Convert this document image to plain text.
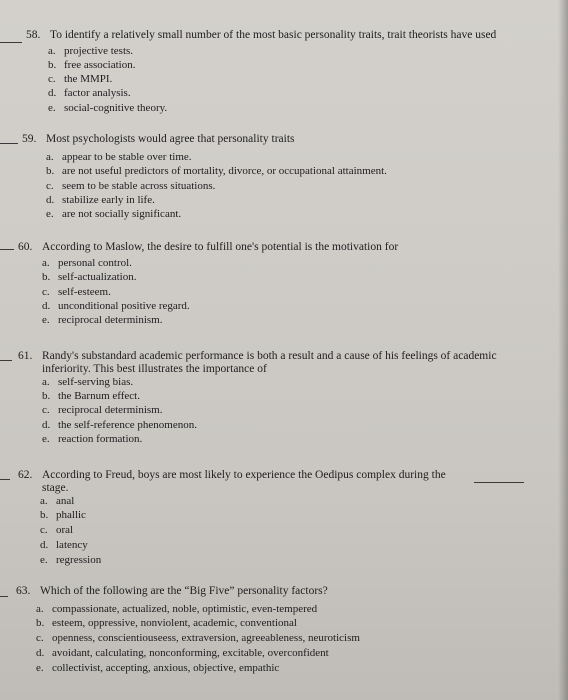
58. To identify a relatively small number of the most basic personality traits, trait theorists have used
a. projective tests.
b. free association.
c. the MMPI.
d. factor analysis.
e. social-cognitive theory.
59. Most psychologists would agree that personality traits
a. appear to be stable over time.
b. are not useful predictors of mortality, divorce, or occupational attainment.
c. seem to be stable across situations.
d. stabilize early in life.
e. are not socially significant.
60. According to Maslow, the desire to fulfill one's potential is the motivation for
a. personal control.
b. self-actualization.
c. self-esteem.
d. unconditional positive regard.
e. reciprocal determinism.
61. Randy's substandard academic performance is both a result and a cause of his feelings of academic
inferiority. This best illustrates the importance of
a. self-serving bias.
b. the Barnum effect.
c. reciprocal determinism.
d. the self-reference phenomenon.
e. reaction formation.
62. According to Freud, boys are most likely to experience the Oedipus complex during the
stage.
a. anal
b. phallic
c. oral
d. latency
e. regression
63. Which of the following are the “Big Five” personality factors?
a. compassionate, actualized, noble, optimistic, even-tempered
b. esteem, oppressive, nonviolent, academic, conventional
c. openness, conscientiouseess, extraversion, agreeableness, neuroticism
d. avoidant, calculating, nonconforming, excitable, overconfident
e. collectivist, accepting, anxious, objective, empathic
